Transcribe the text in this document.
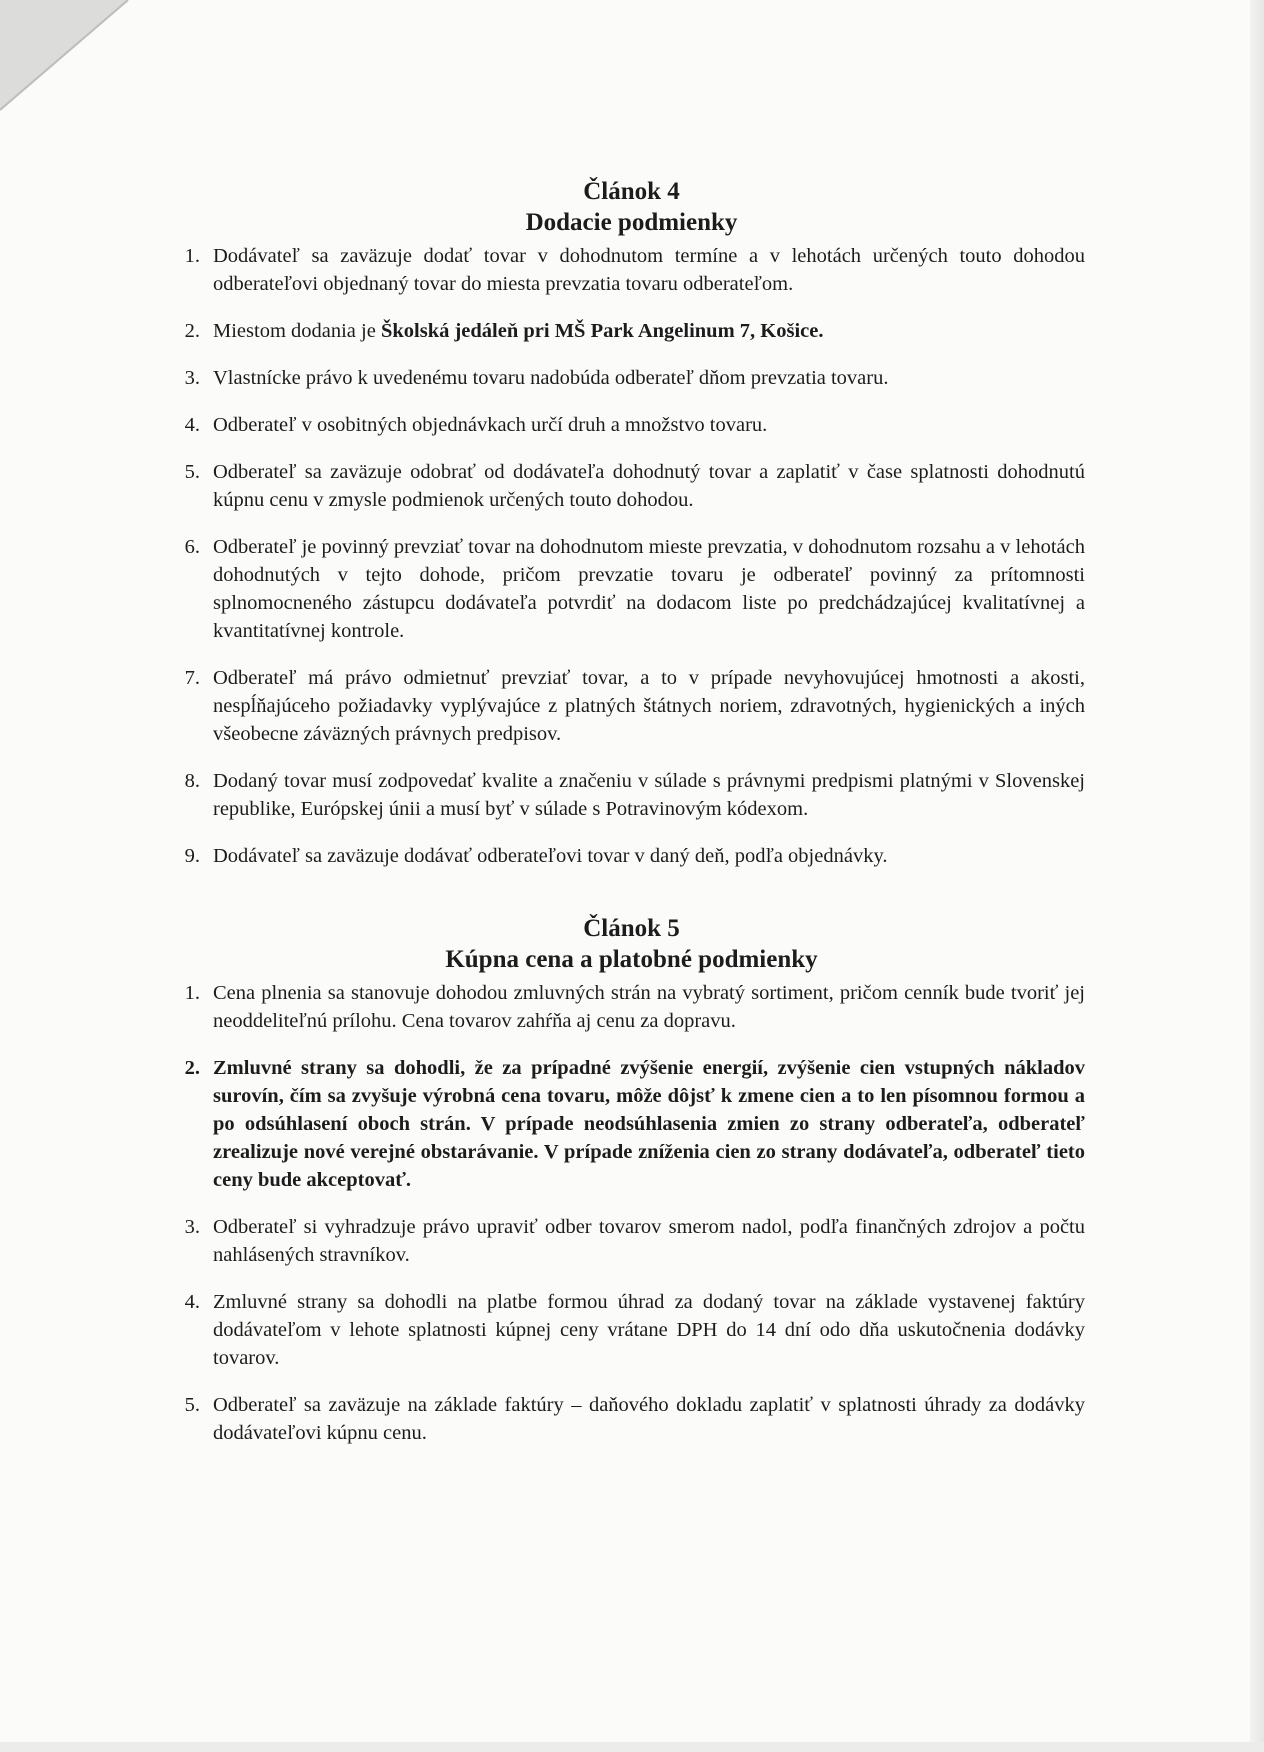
Článok 4
Dodacie podmienky
1. Dodávateľ sa zaväzuje dodať tovar v dohodnutom termíne a v lehotách určených touto dohodou odberateľovi objednaný tovar do miesta prevzatia tovaru odberateľom.
2. Miestom dodania je Školská jedáleň pri MŠ Park Angelinum 7, Košice.
3. Vlastnícke právo k uvedenému tovaru nadobúda odberateľ dňom prevzatia tovaru.
4. Odberateľ v osobitných objednávkach určí druh a množstvo tovaru.
5. Odberateľ sa zaväzuje odobrať od dodávateľa dohodnutý tovar a zaplatiť v čase splatnosti dohodnutú kúpnu cenu v zmysle podmienok určených touto dohodou.
6. Odberateľ je povinný prevziať tovar na dohodnutom mieste prevzatia, v dohodnutom rozsahu a v lehotách dohodnutých v tejto dohode, pričom prevzatie tovaru je odberateľ povinný za prítomnosti splnomocneného zástupcu dodávateľa potvrdiť na dodacom liste po predchádzajúcej kvalitatívnej a kvantitatívnej kontrole.
7. Odberateľ má právo odmietnuť prevziať tovar, a to v prípade nevyhovujúcej hmotnosti a akosti, nespĺňajúceho požiadavky vyplývajúce z platných štátnych noriem, zdravotných, hygienických a iných všeobecne záväzných právnych predpisov.
8. Dodaný tovar musí zodpovedať kvalite a značeniu v súlade s právnymi predpismi platnými v Slovenskej republike, Európskej únii a musí byť v súlade s Potravinovým kódexom.
9. Dodávateľ sa zaväzuje dodávať odberateľovi tovar v daný deň, podľa objednávky.
Článok 5
Kúpna cena a platobné podmienky
1. Cena plnenia sa stanovuje dohodou zmluvných strán na vybratý sortiment, pričom cenník bude tvoriť jej neoddeliteľnú prílohu. Cena tovarov zahŕňa aj cenu za dopravu.
2. Zmluvné strany sa dohodli, že za prípadné zvýšenie energií, zvýšenie cien vstupných nákladov surovín, čím sa zvyšuje výrobná cena tovaru, môže dôjsť k zmene cien a to len písomnou formou a po odsúhlasení oboch strán. V prípade neodsúhlasenia zmien zo strany odberateľa, odberateľ zrealizuje nové verejné obstarávanie. V prípade zníženia cien zo strany dodávateľa, odberateľ tieto ceny bude akceptovať.
3. Odberateľ si vyhradzuje právo upraviť odber tovarov smerom nadol, podľa finančných zdrojov a počtu nahlásených stravníkov.
4. Zmluvné strany sa dohodli na platbe formou úhrad za dodaný tovar na základe vystavenej faktúry dodávateľom v lehote splatnosti kúpnej ceny vrátane DPH do 14 dní odo dňa uskutočnenia dodávky tovarov.
5. Odberateľ sa zaväzuje na základe faktúry – daňového dokladu zaplatiť v splatnosti úhrady za dodávky dodávateľovi kúpnu cenu.
